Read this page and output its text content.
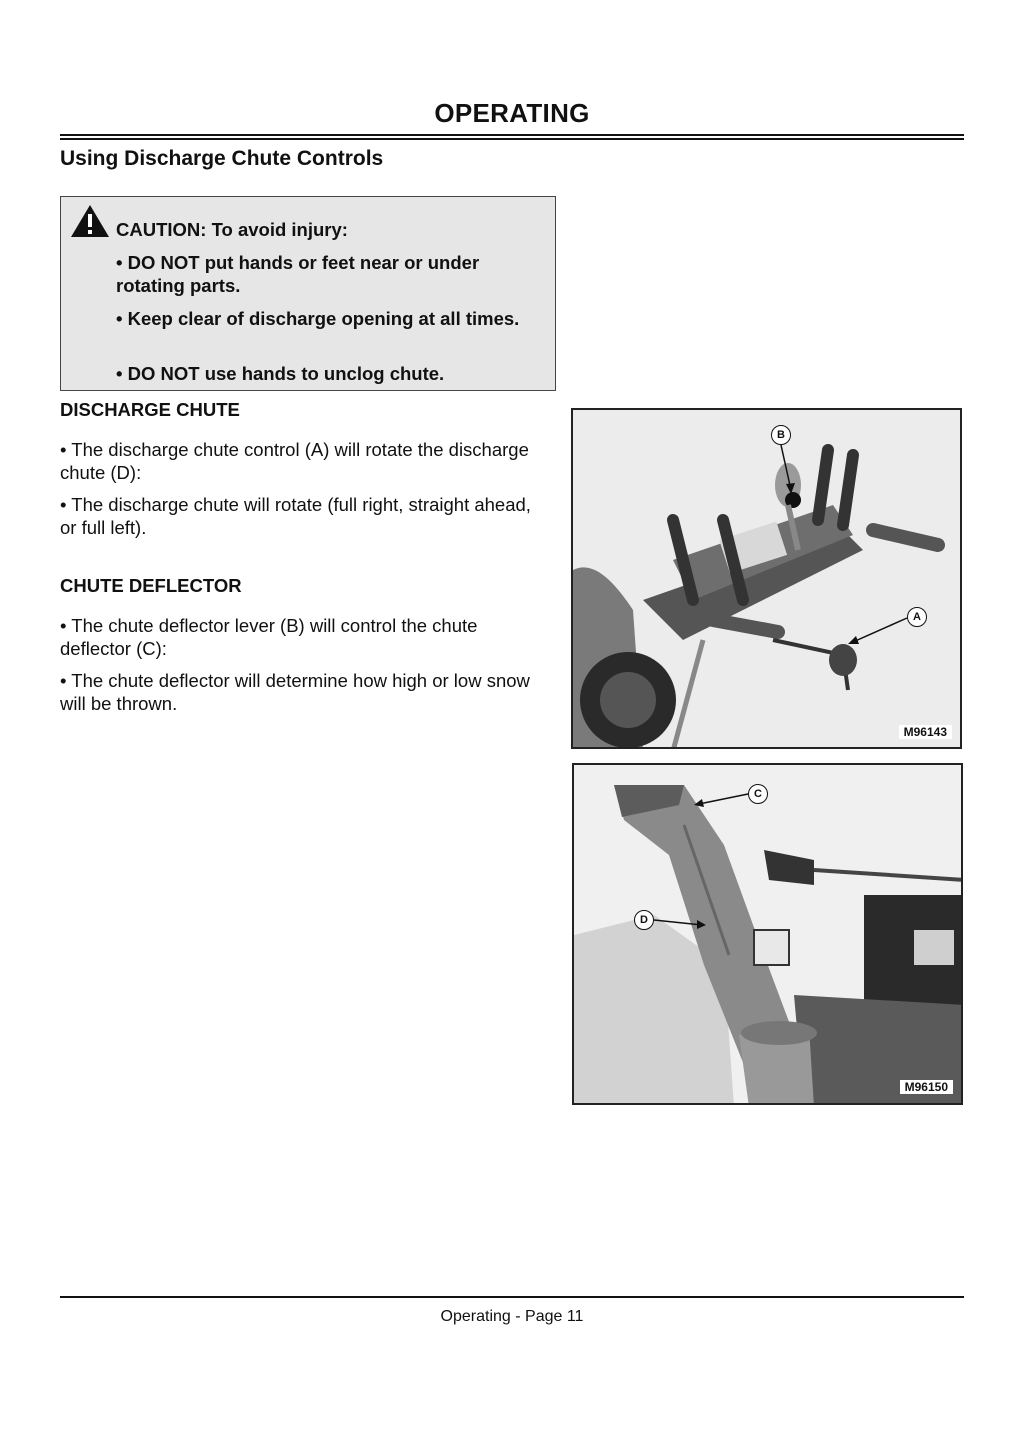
OPERATING
Using Discharge Chute Controls
CAUTION: To avoid injury:
• DO NOT put hands or feet near or under rotating parts.
• Keep clear of discharge opening at all times.
• DO NOT use hands to unclog chute.
DISCHARGE CHUTE
• The discharge chute control (A) will rotate the discharge chute (D):
• The discharge chute will rotate (full right, straight ahead, or full left).
CHUTE DEFLECTOR
• The chute deflector lever (B) will control the chute deflector (C):
• The chute deflector will determine how high or low snow will be thrown.
B
A
M96143
C
D
M96150
Operating - Page 11
